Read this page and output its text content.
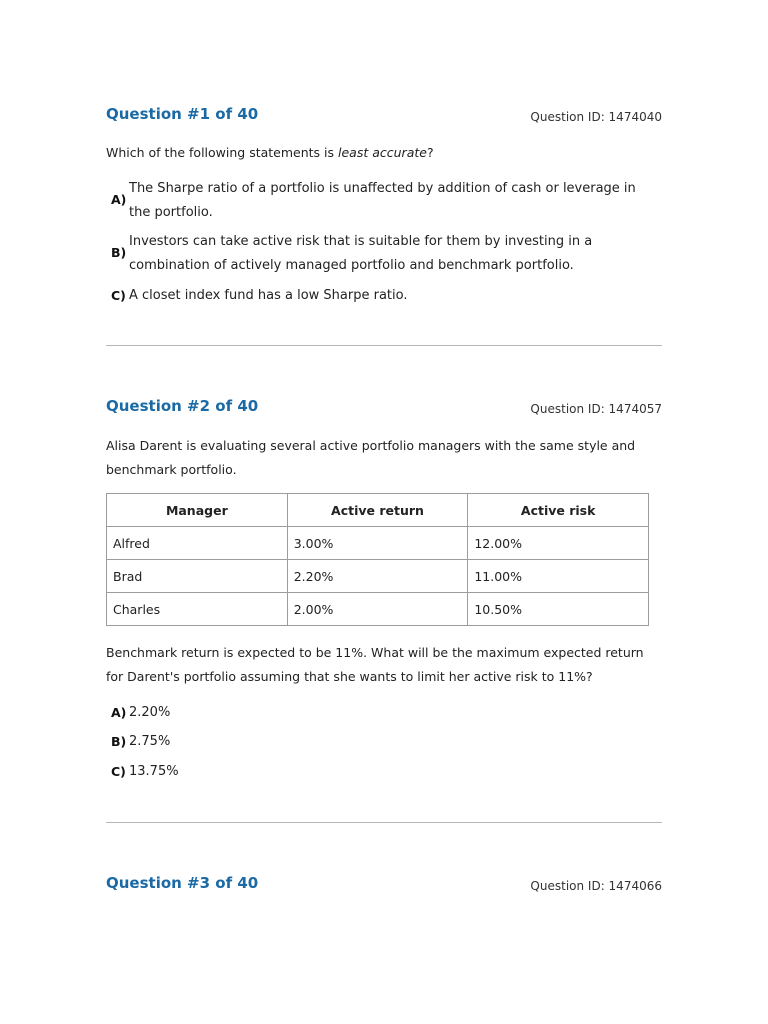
Question #1 of 40	Question ID: 1474040
Which of the following statements is least accurate?
A)
The Sharpe ratio of a portfolio is unaffected by addition of cash or leverage in the portfolio.
B)
Investors can take active risk that is suitable for them by investing in a combination of actively managed portfolio and benchmark portfolio.
C) A closet index fund has a low Sharpe ratio.
Question #2 of 40	Question ID: 1474057
Alisa Darent is evaluating several active portfolio managers with the same style and benchmark portfolio.
Manager	Active return	Active risk
Alfred	3.00%	12.00%
Brad	2.20%	11.00%
Charles	2.00%	10.50%
Benchmark return is expected to be 11%. What will be the maximum expected return for Darent's portfolio assuming that she wants to limit her active risk to 11%?
A) 2.20%
B) 2.75%
C) 13.75%
Question #3 of 40	Question ID: 1474066
